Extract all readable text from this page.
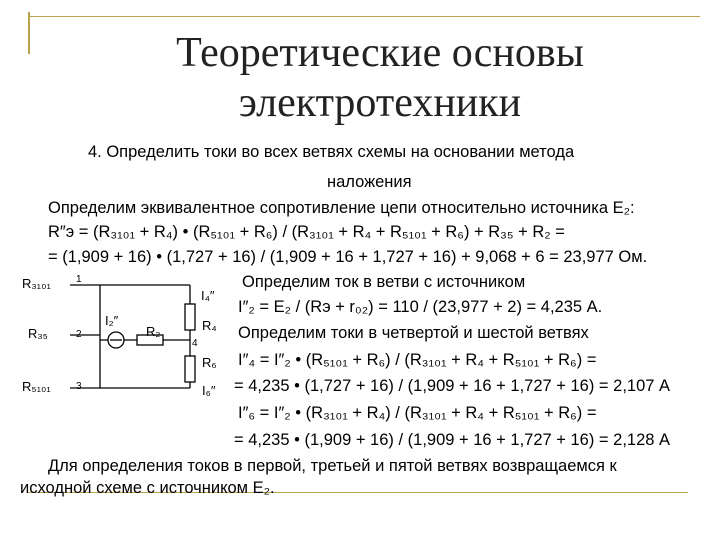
Теоретические основы
электротехники
4. Определить токи во всех ветвях схемы на основании метода
наложения
Определим эквивалентное сопротивление цепи относительно источника E₂:
R″э = (R₃₁₀₁ + R₄) • (R₅₁₀₁ + R₆) / (R₃₁₀₁ + R₄ + R₅₁₀₁ + R₆) + R₃₅ + R₂ =
= (1,909 + 16) • (1,727 + 16) / (1,909 + 16 + 1,727 + 16) + 9,068 + 6 = 23,977 Ом.
Определим ток в ветви с источником
I″₂ = E₂ / (Rэ + r₀₂) = 110 / (23,977 + 2) = 4,235 А.
Определим токи в четвертой и шестой ветвях
I″₄ = I″₂ • (R₅₁₀₁ + R₆) / (R₃₁₀₁ + R₄ + R₅₁₀₁ + R₆) =
= 4,235 • (1,727 + 16) / (1,909 + 16 + 1,727 + 16) = 2,107 А
I″₆ = I″₂ • (R₃₁₀₁ + R₄) / (R₃₁₀₁ + R₄ + R₅₁₀₁ + R₆) =
= 4,235 • (1,909 + 16) / (1,909 + 16 + 1,727 + 16) = 2,128 А
Для определения токов в первой, третьей и пятой ветвях возвращаемся к
исходной схеме с источником E₂.
R₃₁₀₁
R₃₅
R₅₁₀₁
1
2
3
4
I₂″
R₂
I₄″
R₄
R₆
I₆″
